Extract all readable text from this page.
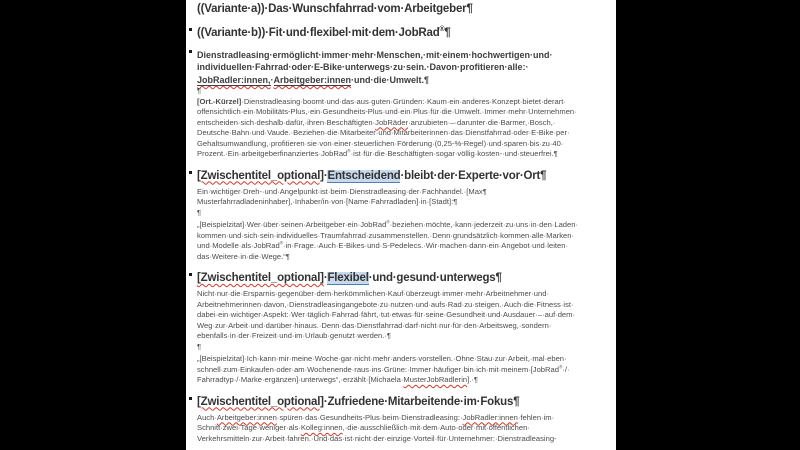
((Variante·​a))·​Das·​Wunschfahrrad·​vom·​Arbeitgeber¶
((Variante·​b))·​Fit·​und·​flexibel·​mit·​dem·​JobRad®¶
Dienstradleasing·​ermöglicht·​immer·​mehr·​Menschen,·​mit·​einem·​hochwertigen·​und·​individuellen·​Fahrrad·​oder·​E-Bike·​unterwegs·​zu·​sein.·​Davon·​profitieren·​alle:·​JobRadler:innen,·​Arbeitgeber:innen·​und·​die·​Umwelt.¶
¶
[Ort.-Kürzel]·​Dienstradleasing·​boomt·​und·​das·​aus·​guten·​Gründen:·​Kaum·​ein·​anderes·​Konzept·​bietet·​derart·​offensichtlich·​ein·​Mobilitäts-Plus,·​ein·​Gesundheits-Plus·​und·​ein·​Plus·​für·​die·​Umwelt.·​Immer·​mehr·​Unternehmen·​entscheiden·​sich·​deshalb·​dafür,·​ihren·​Beschäftigten·​JobRäder·​anzubieten·​–·​darunter·​die·​Barmer,·​Bosch,·​Deutsche·​Bahn·​und·​Vaude.·​Beziehen·​die·​Mitarbeiter·​und·​Mitarbeiterinnen·​das·​Dienstfahrrad·​oder·​E-Bike·​per·​Gehaltsumwandlung,·​profitieren·​sie·​von·​einer·​steuerlichen·​Förderung·​(0,25-%-Regel)·​und·​sparen·​bis·​zu·​40·​Prozent.·​Ein·​arbeitgeberfinanziertes·​JobRad®·​ist·​für·​die·​Beschäftigten·​sogar·​völlig·​kosten-·​und·​steuerfrei.¶
[Zwischentitel_optional]·​Entscheidend·​bleibt·​der·​Experte·​vor·​Ort¶
Ein·​wichtiger·​Dreh-·​und·​Angelpunkt·​ist·​beim·​Dienstradleasing·​der·​Fachhandel.·​[Max¶
Musterfahrradladeninhaber],·​Inhaber/in·​von·​[Name·​Fahrradladen]·​in·​[Stadt]:¶
¶
„[Beispielzitat]·​Wer·​über·​seinen·​Arbeitgeber·​ein·​JobRad®·​beziehen·​möchte,·​kann·​jederzeit·​zu·​uns·​in·​den·​Laden·​kommen·​und·​sich·​sein·​individuelles·​Traumfahrrad·​zusammenstellen.·​Denn·​grundsätzlich·​kommen·​alle·​Marken·​und·​Modelle·​als·​JobRad®·​in·​Frage.·​Auch·​E-Bikes·​und·​S-Pedelecs.·​Wir·​machen·​dann·​ein·​Angebot·​und·​leiten·​das·​Weitere·​in·​die·​Wege.“¶
[Zwischentitel_optional]·​Flexibel·​und·​gesund·​unterwegs¶
Nicht·​nur·​die·​Ersparnis·​gegenüber·​dem·​herkömmlichen·​Kauf·​überzeugt·​immer·​mehr·​Arbeitnehmer·​und·​Arbeitnehmerinnen·​davon,·​Dienstradleasingangebote·​zu·​nutzen·​und·​aufs·​Rad·​zu·​steigen.·​Auch·​die·​Fitness·​ist·​dabei·​ein·​wichtiger·​Aspekt:·​Wer·​täglich·​Fahrrad·​fährt,·​tut·​etwas·​für·​seine·​Gesundheit·​und·​Ausdauer·​–·​auf·​dem·​Weg·​zur·​Arbeit·​und·​darüber·​hinaus.·​Denn·​das·​Dienstfahrrad·​darf·​nicht·​nur·​für·​den·​Arbeitsweg,·​sondern·​ebenfalls·​in·​der·​Freizeit·​und·​im·​Urlaub·​genutzt·​werden.·​¶
¶
„[Beispielzitat]·​Ich·​kann·​mir·​meine·​Woche·​gar·​nicht·​mehr·​anders·​vorstellen.·​Ohne·​Stau·​zur·​Arbeit,·​mal·​eben·​schnell·​zum·​Einkaufen·​oder·​am·​Wochenende·​raus·​ins·​Grüne:·​Immer·​häufiger·​bin·​ich·​mit·​meinem·​[JobRad®·​/·​Fahrradtyp·​/·​Marke·​ergänzen]·​unterwegs“,·​erzählt·​[Michaela·​MusterJobRadlerin].·​¶
[Zwischentitel_optional]·​Zufriedene·​Mitarbeitende·​im·​Fokus¶
Auch·​Arbeitgeber:innen·​spüren·​das·​Gesundheits-Plus·​beim·​Dienstradleasing:·​JobRadler:innen·​fehlen·​im·​Schnitt·​zwei·​Tage·​weniger·​als·​Kolleg:innen,·​die·​ausschließlich·​mit·​dem·​Auto·​oder·​mit·​öffentlichen·​Verkehrsmitteln·​zur·​Arbeit·​fahren.·​Und·​das·​ist·​nicht·​der·​einzige·​Vorteil·​für·​Unternehmer:·​Dienstradleasing-
